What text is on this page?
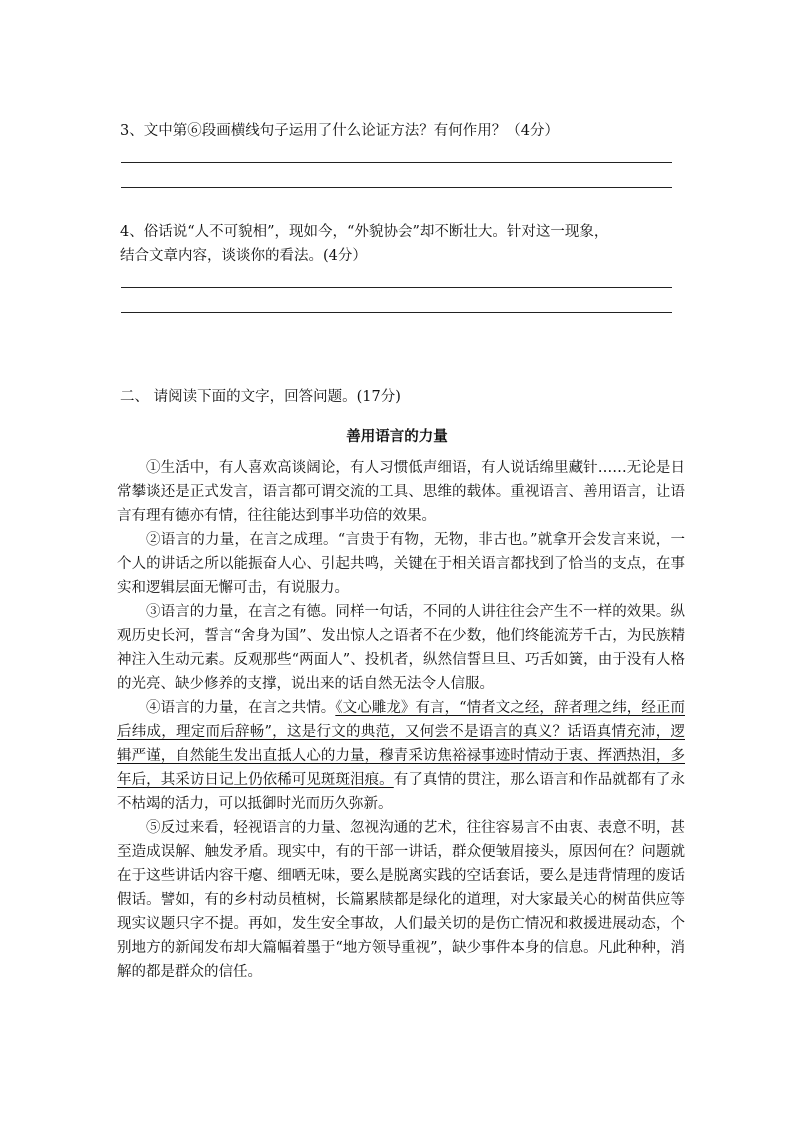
3、文中第⑥段画横线句子运用了什么论证方法？有何作用？（4分）
4、俗话说“人不可貌相”，现如今，“外貌协会”却不断壮大。针对这一现象，
结合文章内容，谈谈你的看法。(4分）
二、 请阅读下面的文字，回答问题。(17分)
善用语言的力量

①生活中，有人喜欢高谈阔论，有人习惯低声细语，有人说话绵里藏针……无论是日常攀谈还是正式发言，语言都可谓交流的工具、思维的载体。重视语言、善用语言，让语言有理有德亦有情，往往能达到事半功倍的效果。

②语言的力量，在言之成理。“言贵于有物，无物，非古也。”就拿开会发言来说，一个人的讲话之所以能振奋人心、引起共鸣，关键在于相关语言都找到了恰当的支点，在事实和逻辑层面无懈可击，有说服力。

③语言的力量，在言之有德。同样一句话，不同的人讲往往会产生不一样的效果。纵观历史长河，誓言“舍身为国”、发出惊人之语者不在少数，他们终能流芳千古，为民族精神注入生动元素。反观那些“两面人”、投机者，纵然信誓旦旦、巧舌如簧，由于没有人格的光亮、缺少修养的支撑，说出来的话自然无法令人信服。

④语言的力量，在言之共情。《文心雕龙》有言，“情者文之经，辞者理之纬，经正而后纬成，理定而后辞畅”，这是行文的典范，又何尝不是语言的真义？话语真情充沛，逻辑严谨，自然能生发出直抵人心的力量，穆青采访焦裕禄事迹时情动于衷、挥洒热泪，多年后，其采访日记上仍依稀可见斑斑泪痕。有了真情的贯注，那么语言和作品就都有了永不枯竭的活力，可以抵御时光而历久弥新。

⑤反过来看，轻视语言的力量、忽视沟通的艺术，往往容易言不由衷、表意不明，甚至造成误解、触发矛盾。现实中，有的干部一讲话，群众便皱眉接头，原因何在？问题就在于这些讲话内容干瘪、细哂无味，要么是脱离实践的空话套话，要么是违背情理的废话假话。譬如，有的乡村动员植树，长篇累牍都是绿化的道理，对大家最关心的树苗供应等现实议题只字不提。再如，发生安全事故，人们最关切的是伤亡情况和救援进展动态，个别地方的新闻发布却大篇幅着墨于“地方领导重视”，缺少事件本身的信息。凡此种种，消解的都是群众的信任。
